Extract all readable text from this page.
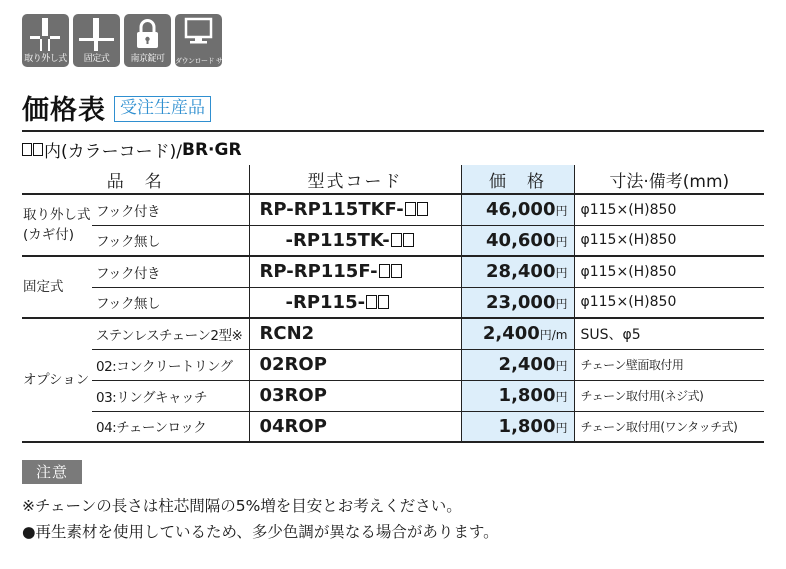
取り外し式	固定式	南京錠可	ダウンロード サービス
価格表 受注生産品
内(カラーコード)/ BR·GR
品　名		型式コード	価　格	寸法·備考(mm)
取り外し式
(カギ付)	フック付き	RP-RP115TKF-	46,000円	φ115×(H)850
	フック無し	-RP115TK-	40,600円	φ115×(H)850
固定式	フック付き	RP-RP115F-	28,400円	φ115×(H)850
	フック無し	-RP115-	23,000円	φ115×(H)850
オプション	ステンレスチェーン2型※	RCN2	2,400円/m	SUS、φ5
	02:コンクリートリング	02ROP	2,400円	チェーン壁面取付用
	03:リングキャッチ	03ROP	1,800円	チェーン取付用(ネジ式)
	04:チェーンロック	04ROP	1,800円	チェーン取付用(ワンタッチ式)
注意
※チェーンの長さは柱芯間隔の5%増を目安とお考えください。
●再生素材を使用しているため、多少色調が異なる場合があります。
